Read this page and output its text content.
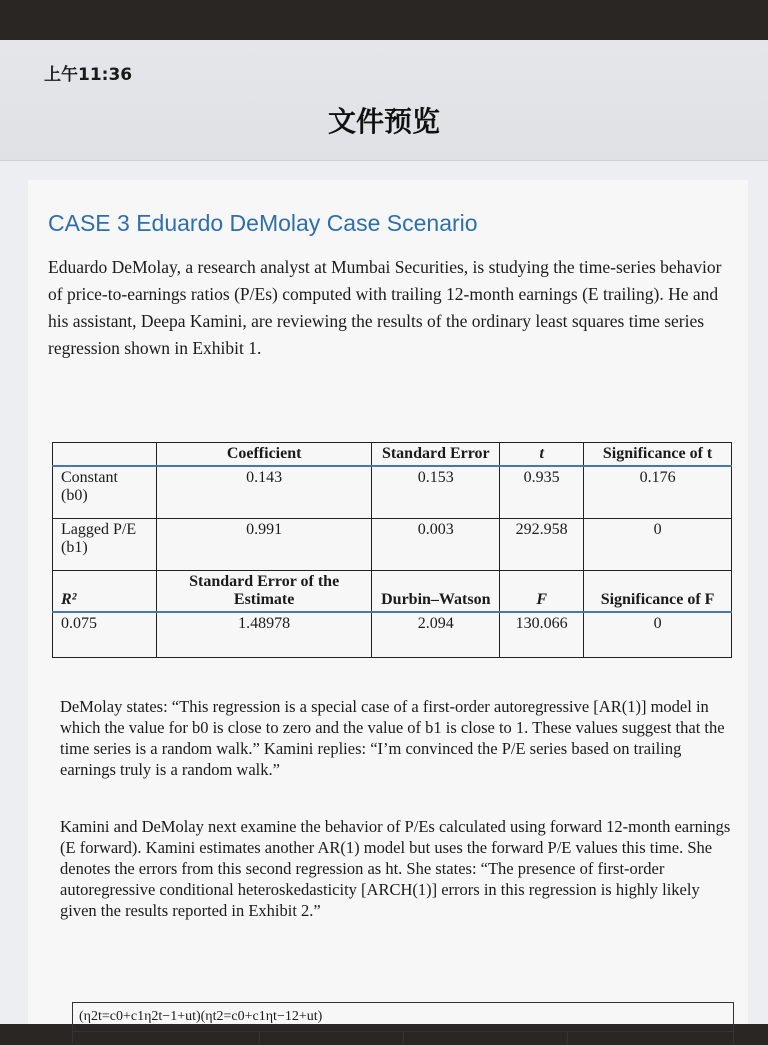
上午11:36
文件预览
CASE 3 Eduardo DeMolay Case Scenario
Eduardo DeMolay, a research analyst at Mumbai Securities, is studying the time-series behavior of price-to-earnings ratios (P/Es) computed with trailing 12-month earnings (E trailing). He and his assistant, Deepa Kamini, are reviewing the results of the ordinary least squares time series regression shown in Exhibit 1.
	Coefficient	Standard Error	t	Significance of t
Constant (b0)	0.143	0.153	0.935	0.176
Lagged P/E (b1)	0.991	0.003	292.958	0
R²	Standard Error of the Estimate	Durbin–Watson	F	Significance of F
0.075	1.48978	2.094	130.066	0
DeMolay states: “This regression is a special case of a first-order autoregressive [AR(1)] model in which the value for b0 is close to zero and the value of b1 is close to 1. These values suggest that the time series is a random walk.” Kamini replies: “I’m convinced the P/E series based on trailing earnings truly is a random walk.”
Kamini and DeMolay next examine the behavior of P/Es calculated using forward 12-month earnings (E forward). Kamini estimates another AR(1) model but uses the forward P/E values this time. She denotes the errors from this second regression as ht. She states: “The presence of first-order autoregressive conditional heteroskedasticity [ARCH(1)] errors in this regression is highly likely given the results reported in Exhibit 2.”
(η2t=c0+c1η2t−1+ut)(ηt2=c0+c1ηt−12+ut)
